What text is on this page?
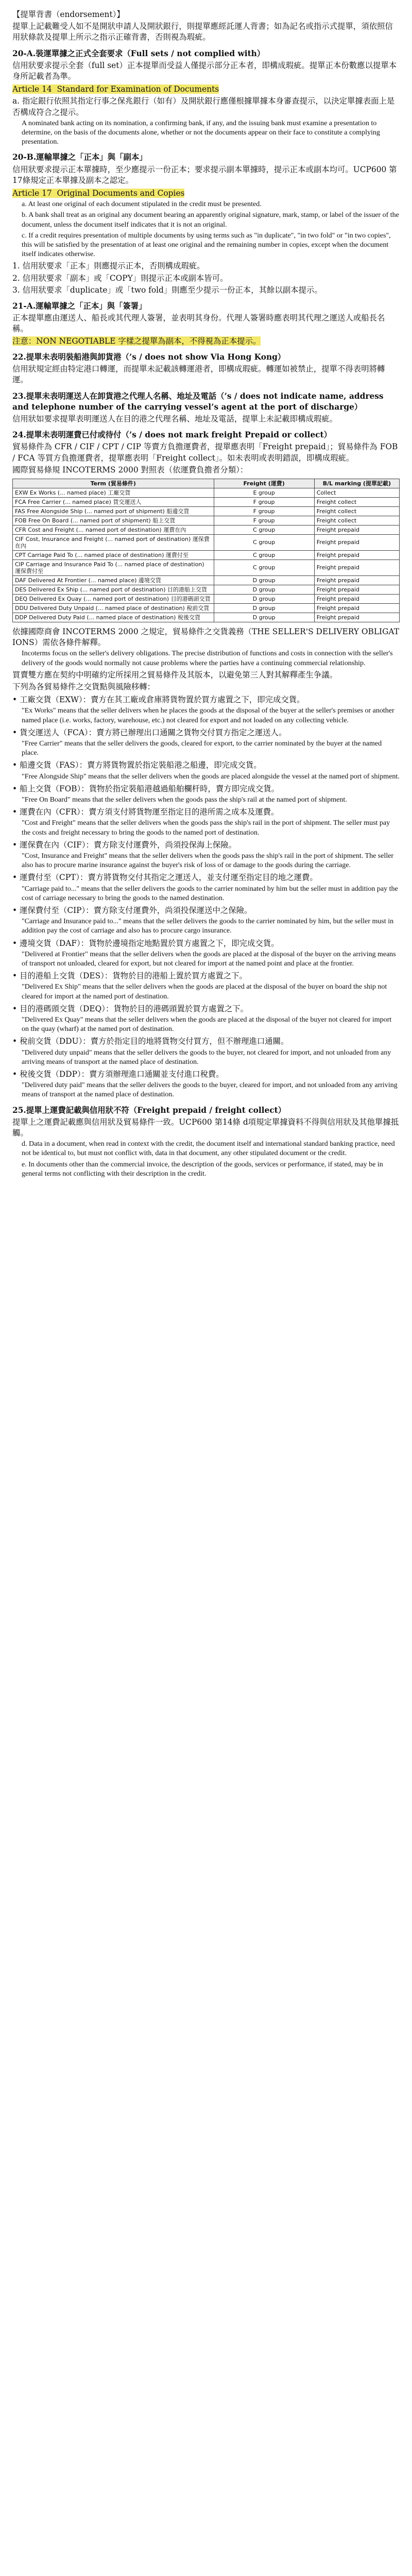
【提單背書（endorsement）】
提單上記載難受人如不是開狀申請人及開狀銀行，則提單應經託運人背書；如為記名或指示式提單，須依照信用狀條款及提單上所示之指示正確背書，否則視為瑕疵。
20-A.裝運單據之正式全套要求（Full sets / not complied with）
信用狀要求提示全套（full set）正本提單而受益人僅提示部分正本者，即構成瑕疵。提單正本份數應以提單本身所記載者為準。
Article 14  Standard for Examination of Documents
a. 指定銀行依照其指定行事之保兆銀行（如有）及開狀銀行應僅根據單據本身審查提示，以決定單據表面上是否構成符合之提示。
A nominated bank acting on its nomination, a confirming bank, if any, and the issuing bank must examine a presentation to determine, on the basis of the documents alone, whether or not the documents appear on their face to constitute a complying presentation.
20-B.運輸單據之「正本」與「副本」
信用狀要求提示正本單據時，至少應提示一份正本；要求提示副本單據時，提示正本或副本均可。UCP600 第17條規定正本單據及副本之認定。
Article 17  Original Documents and Copies
a. At least one original of each document stipulated in the credit must be presented.
b. A bank shall treat as an original any document bearing an apparently original signature, mark, stamp, or label of the issuer of the document, unless the document itself indicates that it is not an original.
c. If a credit requires presentation of multiple documents by using terms such as "in duplicate", "in two fold" or "in two copies", this will be satisfied by the presentation of at least one original and the remaining number in copies, except when the document itself indicates otherwise.
1. 信用狀要求「正本」則應提示正本，否則構成瑕疵。
2. 信用狀要求「副本」或「COPY」則提示正本或副本皆可。
3. 信用狀要求「duplicate」或「two fold」則應至少提示一份正本，其餘以副本提示。
21-A.運輸單據之「正本」與「簽署」
正本提單應由運送人、船長或其代理人簽署，並表明其身份。代理人簽署時應表明其代理之運送人或船長名稱。
注意：NON NEGOTIABLE 字樣之提單為副本，不得視為正本提示。
22.提單未表明裝船港與卸貨港（’s / does not show Via Hong Kong）
信用狀規定經由特定港口轉運，而提單未記載該轉運港者，即構成瑕疵。轉運如被禁止，提單不得表明將轉運。
23.提單未表明運送人在卸貨港之代理人名稱、地址及電話（’s / does not indicate name, address and telephone number of the carrying vessel’s agent at the port of discharge）
信用狀如要求提單表明運送人在目的港之代理名稱、地址及電話，提單上未記載即構成瑕疵。
24.提單未表明運費已付或待付（’s / does not mark freight Prepaid or collect）
貿易條件為 CFR / CIF / CPT / CIP 等賣方負擔運費者，提單應表明「Freight prepaid」；貿易條件為 FOB / FCA 等買方負擔運費者，提單應表明「Freight collect」。如未表明或表明錯誤，即構成瑕疵。
國際貿易條規 INCOTERMS 2000 對照表（依運費負擔者分類）：
Term (貿易條件)	Freight (運費)	B/L marking (提單記載)
EXW Ex Works (... named place) 工廠交貨	E group	Collect
FCA Free Carrier (... named place) 貨交運送人	F group	Freight collect
FAS Free Alongside Ship (... named port of shipment) 船邊交貨	F group	Freight collect
FOB Free On Board (... named port of shipment) 船上交貨	F group	Freight collect
CFR Cost and Freight (... named port of destination) 運費在內	C group	Freight prepaid
CIF Cost, Insurance and Freight (... named port of destination) 運保費在內	C group	Freight prepaid
CPT Carriage Paid To (... named place of destination) 運費付至	C group	Freight prepaid
CIP Carriage and Insurance Paid To (... named place of destination) 運保費付至	C group	Freight prepaid
DAF Delivered At Frontier (... named place) 邊境交貨	D group	Freight prepaid
DES Delivered Ex Ship (... named port of destination) 目的港船上交貨	D group	Freight prepaid
DEQ Delivered Ex Quay (... named port of destination) 目的港碼頭交貨	D group	Freight prepaid
DDU Delivered Duty Unpaid (... named place of destination) 稅前交貨	D group	Freight prepaid
DDP Delivered Duty Paid (... named place of destination) 稅後交貨	D group	Freight prepaid
依據國際商會 INCOTERMS 2000 之規定，貿易條件之交貨義務（THE SELLER'S DELIVERY OBLIGATIONS）需依各條件解釋。
Incoterms focus on the seller's delivery obligations. The precise distribution of functions and costs in connection with the seller's delivery of the goods would normally not cause problems where the parties have a continuing commercial relationship.
買賣雙方應在契約中明確約定所採用之貿易條件及其版本，以避免第三人對其解釋產生争議。
下列為各貿易條件之交貨點與風險移轉：
• 工廠交貨（EXW）：賣方在其工廠或倉庫將貨物置於買方處置之下，即完成交貨。
"Ex Works" means that the seller delivers when he places the goods at the disposal of the buyer at the seller's premises or another named place (i.e. works, factory, warehouse, etc.) not cleared for export and not loaded on any collecting vehicle.
• 貨交運送人（FCA）：賣方將已辦理出口通關之貨物交付買方指定之運送人。
"Free Carrier" means that the seller delivers the goods, cleared for export, to the carrier nominated by the buyer at the named place.
• 船邊交貨（FAS）：賣方將貨物置於指定裝船港之船邊，即完成交貨。
"Free Alongside Ship" means that the seller delivers when the goods are placed alongside the vessel at the named port of shipment.
• 船上交貨（FOB）：貨物於指定裝船港越過船舶欄杆時，賣方即完成交貨。
"Free On Board" means that the seller delivers when the goods pass the ship's rail at the named port of shipment.
• 運費在內（CFR）：賣方須支付將貨物運至指定目的港所需之成本及運費。
"Cost and Freight" means that the seller delivers when the goods pass the ship's rail in the port of shipment. The seller must pay the costs and freight necessary to bring the goods to the named port of destination.
• 運保費在內（CIF）：賣方除支付運費外，尚須投保海上保險。
"Cost, Insurance and Freight" means that the seller delivers when the goods pass the ship's rail in the port of shipment. The seller also has to procure marine insurance against the buyer's risk of loss of or damage to the goods during the carriage.
• 運費付至（CPT）：賣方將貨物交付其指定之運送人，並支付運至指定目的地之運費。
"Carriage paid to..." means that the seller delivers the goods to the carrier nominated by him but the seller must in addition pay the cost of carriage necessary to bring the goods to the named destination.
• 運保費付至（CIP）：賣方除支付運費外，尚須投保運送中之保險。
"Carriage and Insurance paid to..." means that the seller delivers the goods to the carrier nominated by him, but the seller must in addition pay the cost of carriage and also has to procure cargo insurance.
• 邊境交貨（DAF）：貨物於邊境指定地點置於買方處置之下，即完成交貨。
"Delivered at Frontier" means that the seller delivers when the goods are placed at the disposal of the buyer on the arriving means of transport not unloaded, cleared for export, but not cleared for import at the named point and place at the frontier.
• 目的港船上交貨（DES）：貨物於目的港船上置於買方處置之下。
"Delivered Ex Ship" means that the seller delivers when the goods are placed at the disposal of the buyer on board the ship not cleared for import at the named port of destination.
• 目的港碼頭交貨（DEQ）：貨物於目的港碼頭置於買方處置之下。
"Delivered Ex Quay" means that the seller delivers when the goods are placed at the disposal of the buyer not cleared for import on the quay (wharf) at the named port of destination.
• 稅前交貨（DDU）：賣方於指定目的地將貨物交付買方，但不辦理進口通關。
"Delivered duty unpaid" means that the seller delivers the goods to the buyer, not cleared for import, and not unloaded from any arriving means of transport at the named place of destination.
• 稅後交貨（DDP）：賣方須辦理進口通關並支付進口稅費。
"Delivered duty paid" means that the seller delivers the goods to the buyer, cleared for import, and not unloaded from any arriving means of transport at the named place of destination.
25.提單上運費記載與信用狀不符（Freight prepaid / freight collect）
提單上之運費記載應與信用狀及貿易條件一致。UCP600 第14條 d項規定單據資料不得與信用狀及其他單據抵觸。
d. Data in a document, when read in context with the credit, the document itself and international standard banking practice, need not be identical to, but must not conflict with, data in that document, any other stipulated document or the credit.
e. In documents other than the commercial invoice, the description of the goods, services or performance, if stated, may be in general terms not conflicting with their description in the credit.
